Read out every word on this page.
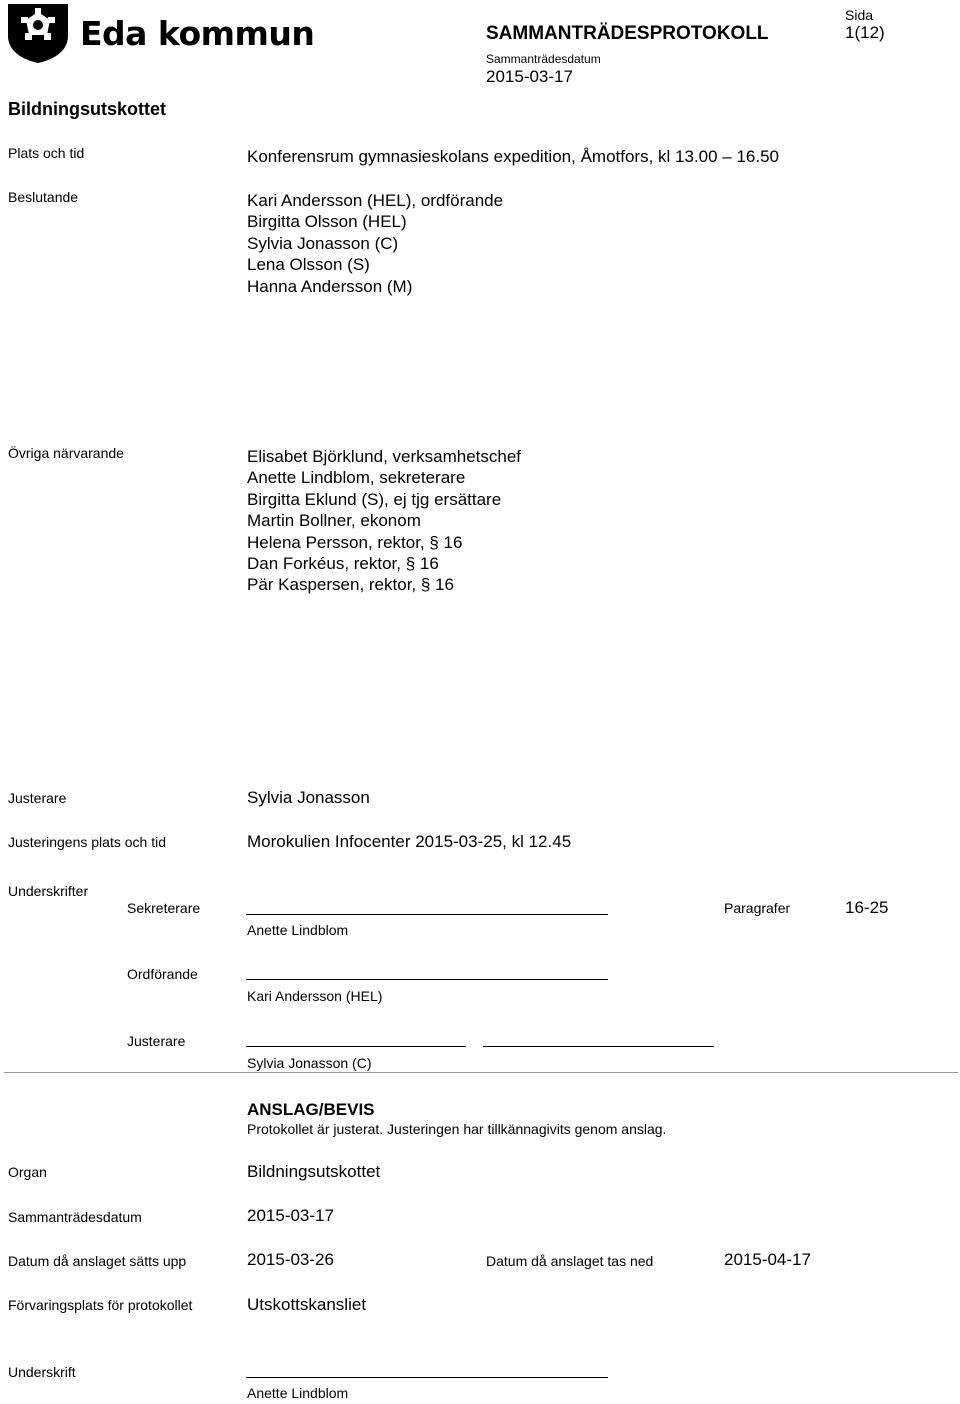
Eda kommun	SAMMANTRÄDESPROTOKOLL
Sammanträdesdatum
2015-03-17
Sida
1(12)
Bildningsutskottet
Plats och tid	Konferensrum gymnasieskolans expedition, Åmotfors, kl 13.00 – 16.50
Beslutande	Kari Andersson (HEL), ordförande
Birgitta Olsson (HEL)
Sylvia Jonasson (C)
Lena Olsson (S)
Hanna Andersson (M)
Övriga närvarande	Elisabet Björklund, verksamhetschef
Anette Lindblom, sekreterare
Birgitta Eklund (S), ej tjg ersättare
Martin Bollner, ekonom
Helena Persson, rektor, § 16
Dan Forkéus, rektor, § 16
Pär Kaspersen, rektor, § 16
Justerare	Sylvia Jonasson
Justeringens plats och tid	Morokulien Infocenter 2015-03-25, kl 12.45
Underskrifter
Sekreterare
Anette Lindblom
Paragrafer	16-25
Ordförande
Kari Andersson (HEL)
Justerare
Sylvia Jonasson (C)
ANSLAG/BEVIS
Protokollet är justerat. Justeringen har tillkännagivits genom anslag.
Organ	Bildningsutskottet
Sammanträdesdatum	2015-03-17
Datum då anslaget sätts upp	2015-03-26	Datum då anslaget tas ned	2015-04-17
Förvaringsplats för protokollet	Utskottskansliet
Underskrift
Anette Lindblom
